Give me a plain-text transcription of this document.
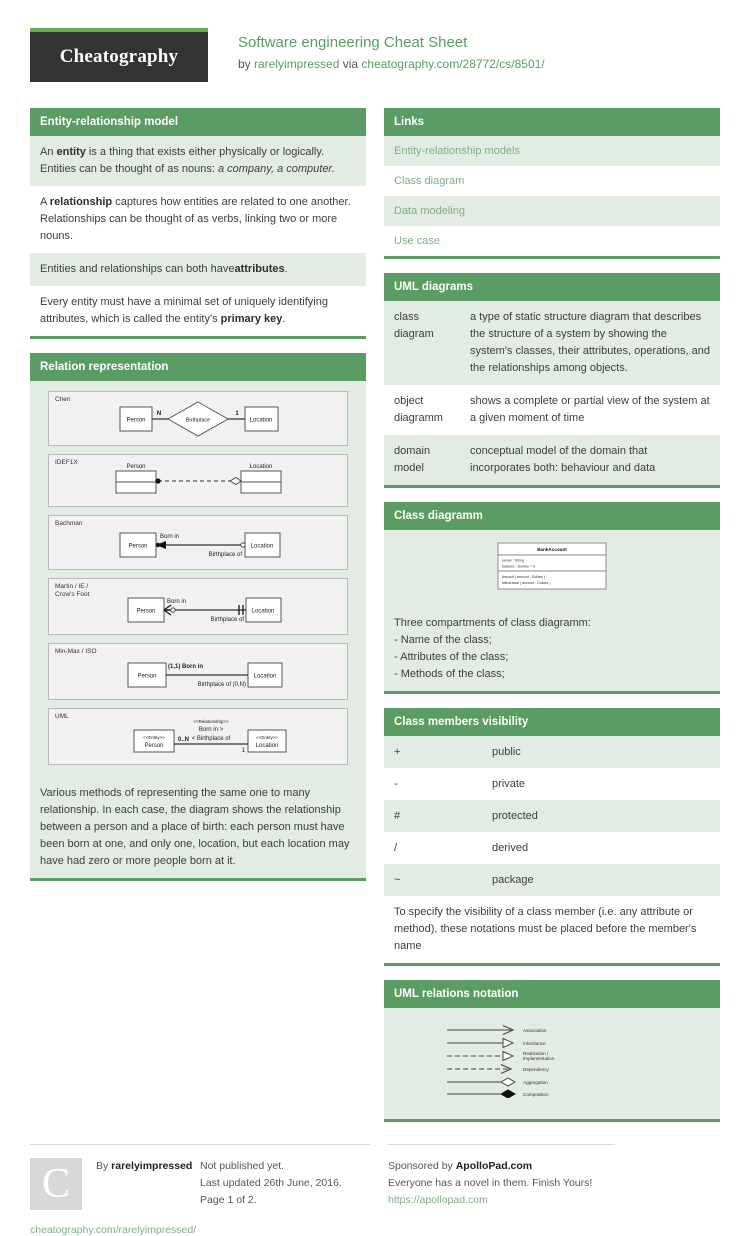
Cheatography
Software engineering Cheat Sheet
by rarelyimpressed via cheatography.com/28772/cs/8501/
Entity-relationship model
An entity is a thing that exists either physically or logically. Entities can be thought of as nouns: a company, a computer.
A relationship captures how entities are related to one another. Relationships can be thought of as verbs, linking two or more nouns.
Entities and relationships can both haveattributes.
Every entity must have a minimal set of uniquely identifying attributes, which is called the entity's primary key.
Relation representation
Chen
Person	Birthplace	Location
N	1
IDEF1X
Person	Location
Bachman
Person	Location
Born in
Birthplace of
Martin / IE /
Crow's Foot
Person	Location
Born in
Birthplace of
Min-Max / ISO
Person	Location
(1,1) Born in
Birthplace of (0,N)
UML
<<Entity>>
Person
<<Entity>>
Location
<<Relationship>>
Born in >
< Birthplace of
0..N
1
Various methods of representing the same one to many relationship. In each case, the diagram shows the relationship between a person and a place of birth: each person must have been born at one, and only one, location, but each location may have had zero or more people born at it.
Links
Entity-relationship models
Class diagram
Data modeling
Use case
UML diagrams
class diagram	a type of static structure diagram that describes the structure of a system by showing the system's classes, their attributes, operations, and the relationships among objects.
object diagramm	shows a complete or partial view of the system at a given moment of time
domain model	conceptual model of the domain that incorporates both: behaviour and data
Class diagramm
BankAccount
owner : String
balance : Dollars = 0
deposit ( amount : Dollars )
withdrawal ( amount : Dollars )
Three compartments of class diagramm:
- Name of the class;
- Attributes of the class;
- Methods of the class;
Class members visibility
+	public
-	private
#	protected
/	derived
~	package
To specify the visibility of a class member (i.e. any attribute or method), these notations must be placed before the member's name
UML relations notation
Association
Inheritance
Realization /
Implementation
Dependency
Aggregation
Composition
C	By rarelyimpressed Not published yet.
Last updated 26th June, 2016.
Page 1 of 2.
cheatography.com/rarelyimpressed/
Sponsored by ApolloPad.com
Everyone has a novel in them. Finish Yours!
https://apollopad.com
